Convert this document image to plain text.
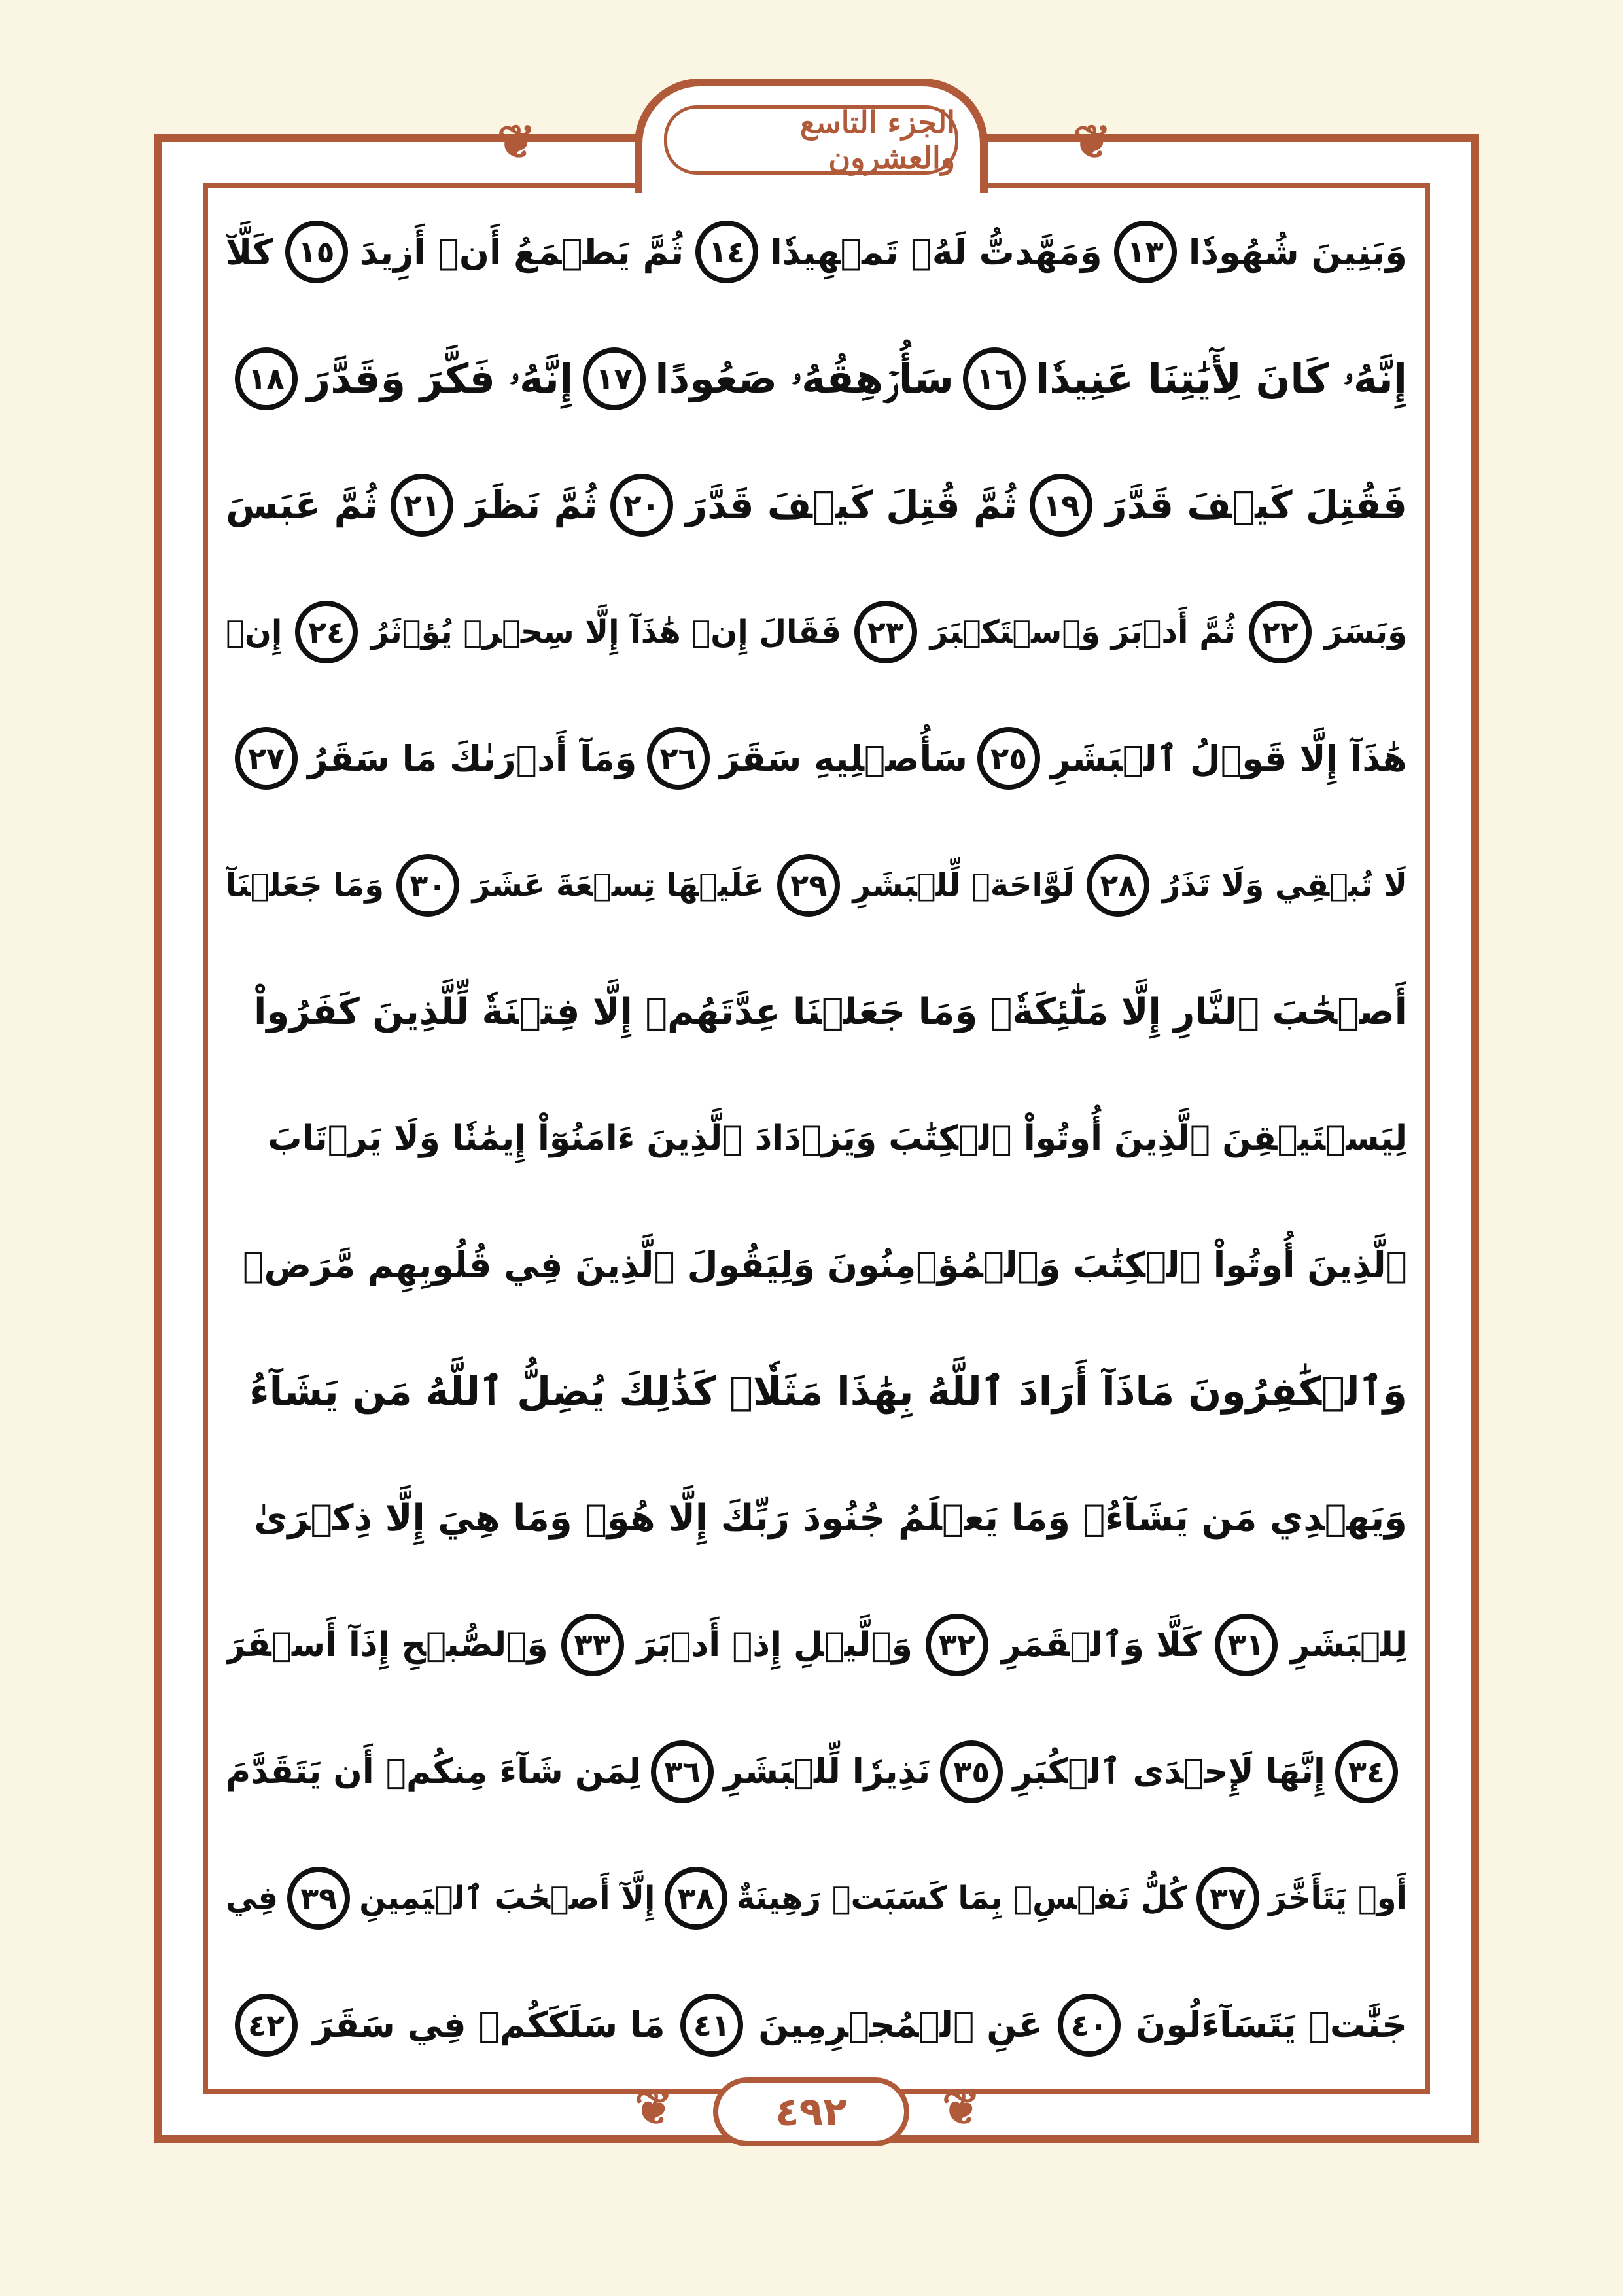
الجزء التاسع والعشرون
❦	❦
❦	❦
وَبَنِينَ شُهُودٗا
١٣
وَمَهَّدتُّ لَهُۥ تَمۡهِيدٗا
١٤
ثُمَّ يَطۡمَعُ أَنۡ أَزِيدَ
١٥
كَلَّآ
إِنَّهُۥ كَانَ لِأٓيَٰتِنَا عَنِيدٗا
١٦
سَأُرۡهِقُهُۥ صَعُودًا
١٧
إِنَّهُۥ فَكَّرَ وَقَدَّرَ
١٨
فَقُتِلَ كَيۡفَ قَدَّرَ
١٩
ثُمَّ قُتِلَ كَيۡفَ قَدَّرَ
٢٠
ثُمَّ نَظَرَ
٢١
ثُمَّ عَبَسَ
وَبَسَرَ
٢٢
ثُمَّ أَدۡبَرَ وَٱسۡتَكۡبَرَ
٢٣
فَقَالَ إِنۡ هَٰذَآ إِلَّا سِحۡرٞ يُؤۡثَرُ
٢٤
إِنۡ
هَٰذَآ إِلَّا قَوۡلُ ٱلۡبَشَرِ
٢٥
سَأُصۡلِيهِ سَقَرَ
٢٦
وَمَآ أَدۡرَىٰكَ مَا سَقَرُ
٢٧
لَا تُبۡقِي وَلَا تَذَرُ
٢٨
لَوَّاحَةٞ لِّلۡبَشَرِ
٢٩
عَلَيۡهَا تِسۡعَةَ عَشَرَ
٣٠
وَمَا جَعَلۡنَآ
أَصۡحَٰبَ ٱلنَّارِ إِلَّا مَلَٰٓئِكَةٗۖ وَمَا جَعَلۡنَا عِدَّتَهُمۡ إِلَّا فِتۡنَةٗ لِّلَّذِينَ كَفَرُواْ
لِيَسۡتَيۡقِنَ ٱلَّذِينَ أُوتُواْ ٱلۡكِتَٰبَ وَيَزۡدَادَ ٱلَّذِينَ ءَامَنُوٓاْ إِيمَٰنٗا وَلَا يَرۡتَابَ
ٱلَّذِينَ أُوتُواْ ٱلۡكِتَٰبَ وَٱلۡمُؤۡمِنُونَ وَلِيَقُولَ ٱلَّذِينَ فِي قُلُوبِهِم مَّرَضٞ
وَٱلۡكَٰفِرُونَ مَاذَآ أَرَادَ ٱللَّهُ بِهَٰذَا مَثَلٗاۚ كَذَٰلِكَ يُضِلُّ ٱللَّهُ مَن يَشَآءُ
وَيَهۡدِي مَن يَشَآءُۚ وَمَا يَعۡلَمُ جُنُودَ رَبِّكَ إِلَّا هُوَۚ وَمَا هِيَ إِلَّا ذِكۡرَىٰ
لِلۡبَشَرِ
٣١
كَلَّا وَٱلۡقَمَرِ
٣٢
وَٱلَّيۡلِ إِذۡ أَدۡبَرَ
٣٣
وَٱلصُّبۡحِ إِذَآ أَسۡفَرَ
٣٤
إِنَّهَا لَإِحۡدَى ٱلۡكُبَرِ
٣٥
نَذِيرٗا لِّلۡبَشَرِ
٣٦
لِمَن شَآءَ مِنكُمۡ أَن يَتَقَدَّمَ
أَوۡ يَتَأَخَّرَ
٣٧
كُلُّ نَفۡسِۭ بِمَا كَسَبَتۡ رَهِينَةٌ
٣٨
إِلَّآ أَصۡحَٰبَ ٱلۡيَمِينِ
٣٩
فِي
جَنَّٰتٖ يَتَسَآءَلُونَ
٤٠
عَنِ ٱلۡمُجۡرِمِينَ
٤١
مَا سَلَكَكُمۡ فِي سَقَرَ
٤٢
٤٩٢
